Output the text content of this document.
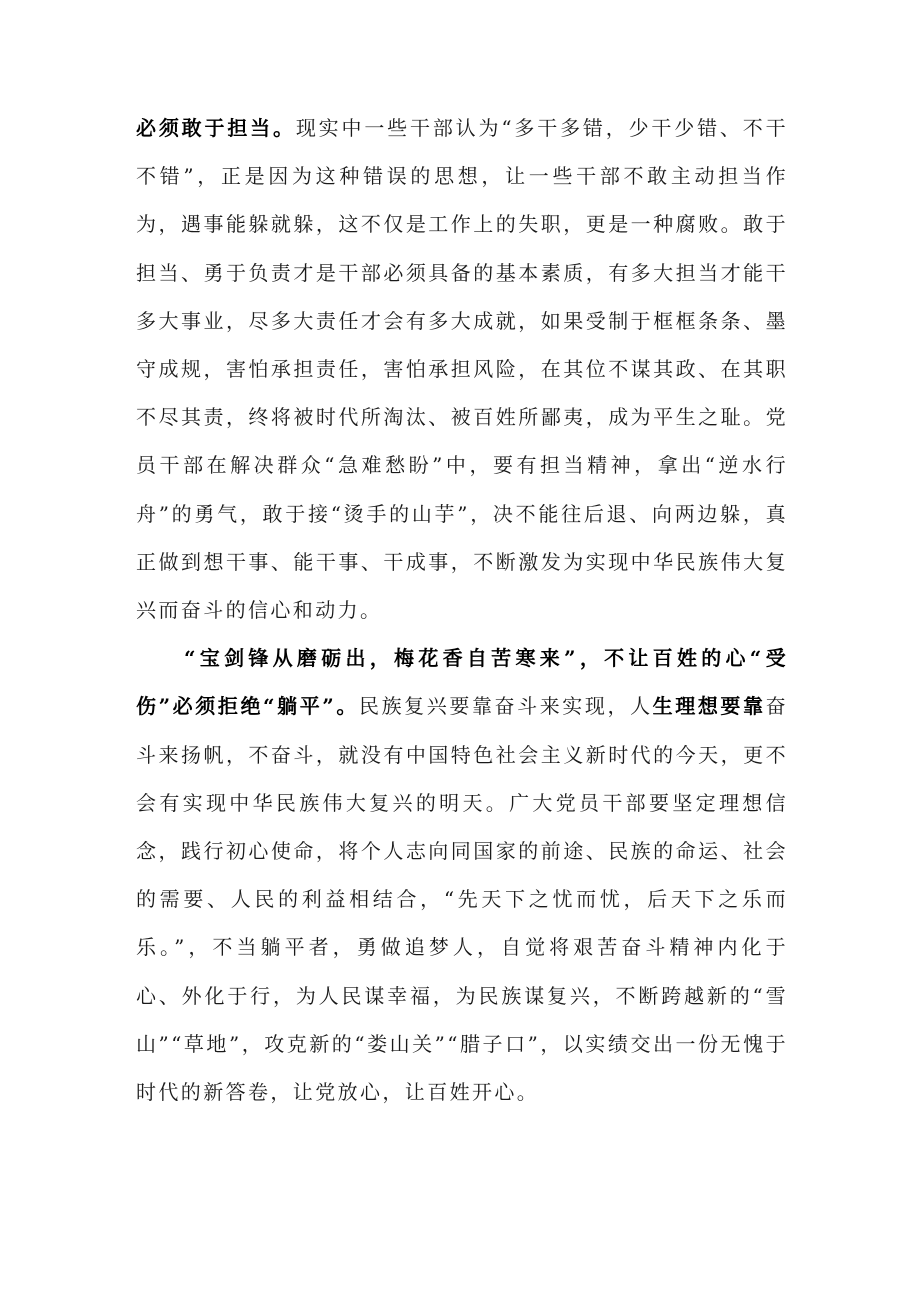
必须敢于担当。现实中一些干部认为“多干多错，少干少错、不干不错”，正是因为这种错误的思想，让一些干部不敢主动担当作为，遇事能躲就躲，这不仅是工作上的失职，更是一种腐败。敢于担当、勇于负责才是干部必须具备的基本素质，有多大担当才能干多大事业，尽多大责任才会有多大成就，如果受制于框框条条、墨守成规，害怕承担责任，害怕承担风险，在其位不谋其政、在其职不尽其责，终将被时代所淘汰、被百姓所鄙夷，成为平生之耻。党员干部在解决群众“急难愁盼”中，要有担当精神，拿出“逆水行舟”的勇气，敢于接“烫手的山芋”，决不能往后退、向两边躲，真正做到想干事、能干事、干成事，不断激发为实现中华民族伟大复兴而奋斗的信心和动力。

“宝剑锋从磨砺出，梅花香自苦寒来”，不让百姓的心“受伤”必须拒绝“躺平”。民族复兴要靠奋斗来实现，人生理想要靠奋斗来扬帆，不奋斗，就没有中国特色社会主义新时代的今天，更不会有实现中华民族伟大复兴的明天。广大党员干部要坚定理想信念，践行初心使命，将个人志向同国家的前途、民族的命运、社会的需要、人民的利益相结合，“先天下之忧而忧，后天下之乐而乐。”，不当躺平者，勇做追梦人，自觉将艰苦奋斗精神内化于心、外化于行，为人民谋幸福，为民族谋复兴，不断跨越新的“雪山”“草地”，攻克新的“娄山关”“腊子口”，以实绩交出一份无愧于时代的新答卷，让党放心，让百姓开心。
